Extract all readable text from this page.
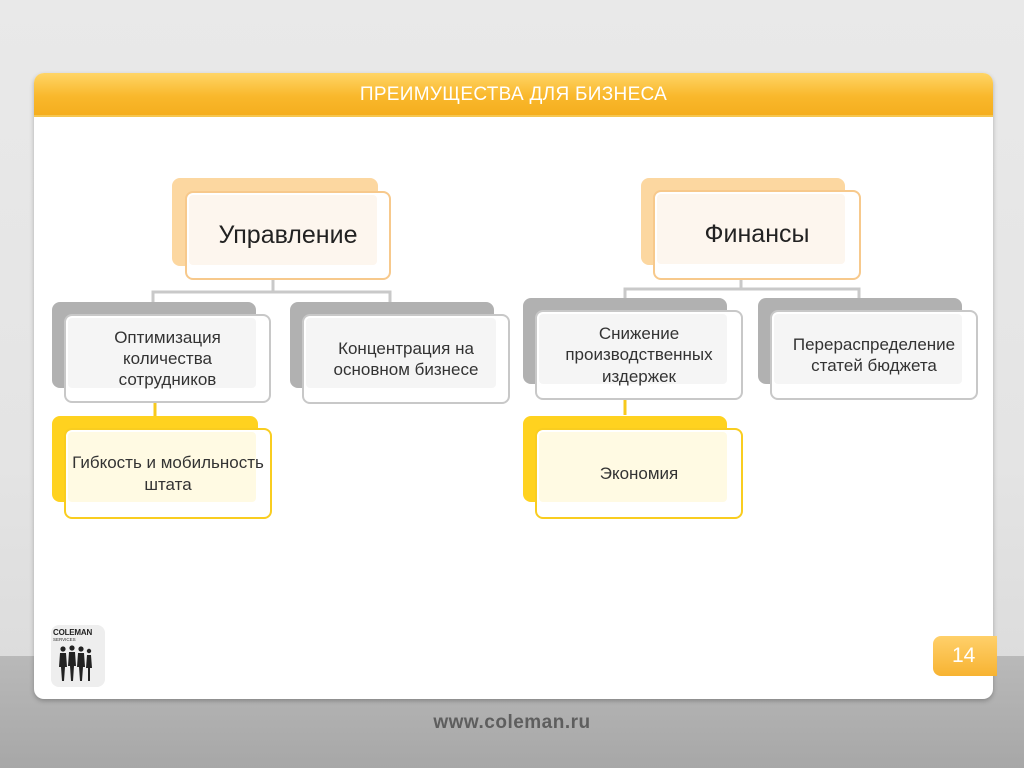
www.coleman.ru
ПРЕИМУЩЕСТВА ДЛЯ БИЗНЕСА
Управление
Оптимизация количества сотрудников
Концентрация на основном бизнесе
Гибкость и мобильность штата
Финансы
Снижение производственных издержек
Перераспределение статей бюджета
Экономия
COLEMAN
SERVICES
14
